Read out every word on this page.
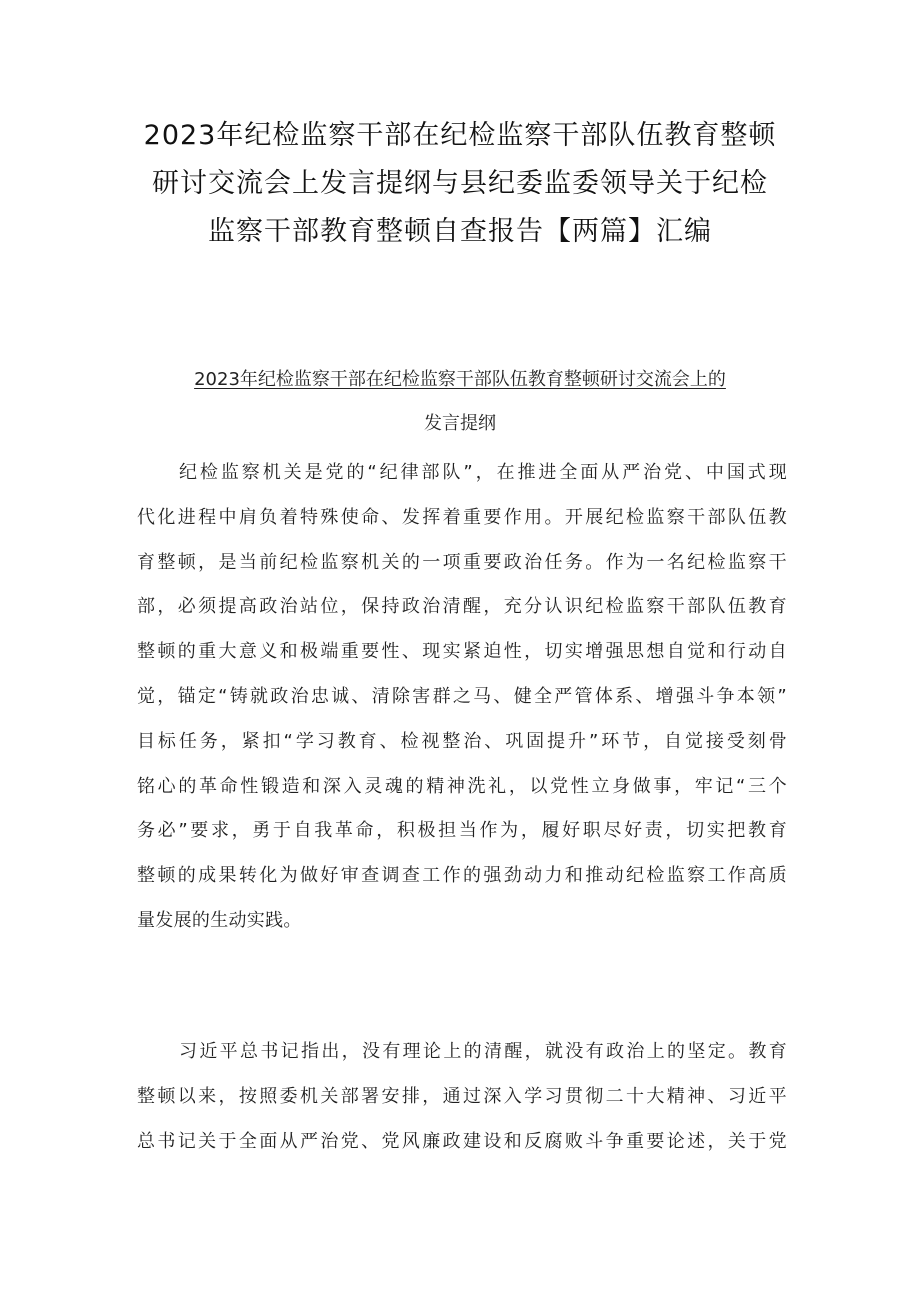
2023年纪检监察干部在纪检监察干部队伍教育整顿
研讨交流会上发言提纲与县纪委监委领导关于纪检
监察干部教育整顿自查报告【两篇】汇编
2023年纪检监察干部在纪检监察干部队伍教育整顿研讨交流会上的
发言提纲

纪检监察机关是党的“纪律部队”，在推进全面从严治党、中国式现
代化进程中肩负着特殊使命、发挥着重要作用。开展纪检监察干部队伍教
育整顿，是当前纪检监察机关的一项重要政治任务。作为一名纪检监察干
部，必须提高政治站位，保持政治清醒，充分认识纪检监察干部队伍教育
整顿的重大意义和极端重要性、现实紧迫性，切实增强思想自觉和行动自
觉，锚定“铸就政治忠诚、清除害群之马、健全严管体系、增强斗争本领”
目标任务，紧扣“学习教育、检视整治、巩固提升”环节，自觉接受刻骨
铭心的革命性锻造和深入灵魂的精神洗礼，以党性立身做事，牢记“三个
务必”要求，勇于自我革命，积极担当作为，履好职尽好责，切实把教育
整顿的成果转化为做好审查调查工作的强劲动力和推动纪检监察工作高质
量发展的生动实践。

习近平总书记指出，没有理论上的清醒，就没有政治上的坚定。教育
整顿以来，按照委机关部署安排，通过深入学习贯彻二十大精神、习近平
总书记关于全面从严治党、党风廉政建设和反腐败斗争重要论述，关于党
